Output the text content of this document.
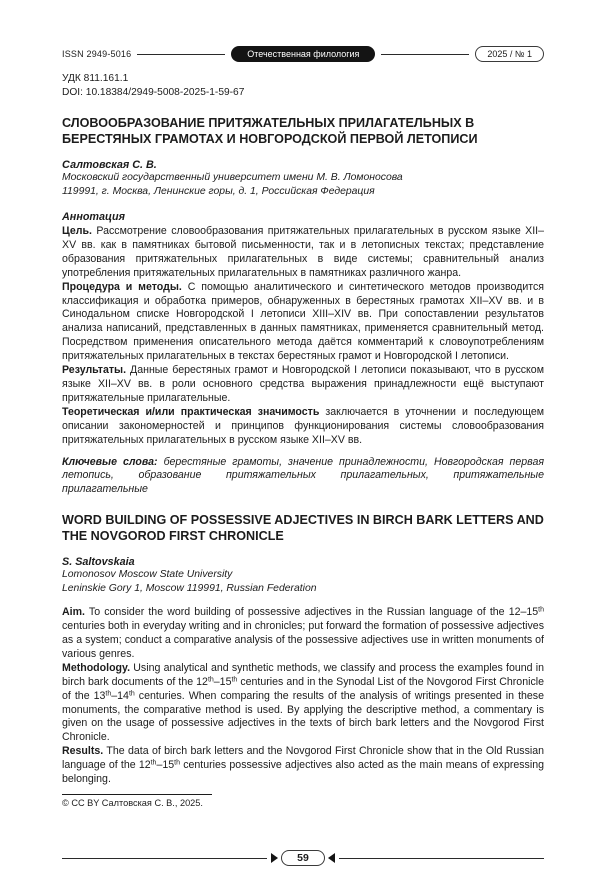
ISSN 2949-5016	Отечественная филология	2025 / № 1
УДК 811.161.1
DOI: 10.18384/2949-5008-2025-1-59-67
СЛОВООБРАЗОВАНИЕ ПРИТЯЖАТЕЛЬНЫХ ПРИЛАГАТЕЛЬНЫХ В БЕРЕСТЯНЫХ ГРАМОТАХ И НОВГОРОДСКОЙ ПЕРВОЙ ЛЕТОПИСИ
Салтовская С. В.
Московский государственный университет имени М. В. Ломоносова
119991, г. Москва, Ленинские горы, д. 1, Российская Федерация
Аннотация

Цель. Рассмотрение словообразования притяжательных прилагательных в русском языке XII–XV вв. как в памятниках бытовой письменности, так и в летописных текстах; представление образования притяжательных прилагательных в виде системы; сравнительный анализ употребления притяжательных прилагательных в памятниках различного жанра.

Процедура и методы. С помощью аналитического и синтетического методов производится классификация и обработка примеров, обнаруженных в берестяных грамотах XII–XV вв. и в Синодальном списке Новгородской I летописи XIII–XIV вв. При сопоставлении результатов анализа написаний, представленных в данных памятниках, применяется сравнительный метод. Посредством применения описательного метода даётся комментарий к словоупотреблениям притяжательных прилагательных в текстах берестяных грамот и Новгородской I летописи.

Результаты. Данные берестяных грамот и Новгородской I летописи показывают, что в русском языке XII–XV вв. в роли основного средства выражения принадлежности ещё выступают притяжательные прилагательные.

Теоретическая и/или практическая значимость заключается в уточнении и последующем описании закономерностей и принципов функционирования системы словообразования притяжательных прилагательных в русском языке XII–XV вв.

Ключевые слова: берестяные грамоты, значение принадлежности, Новгородская первая летопись, образование притяжательных прилагательных, притяжательные прилагательные

WORD BUILDING OF POSSESSIVE ADJECTIVES IN BIRCH BARK LETTERS AND THE NOVGOROD FIRST CHRONICLE
S. Saltovskaia
Lomonosov Moscow State University
Leninskie Gory 1, Moscow 119991, Russian Federation

Aim. To consider the word building of possessive adjectives in the Russian language of the 12–15th centuries both in everyday writing and in chronicles; put forward the formation of possessive adjectives as a system; conduct a comparative analysis of the possessive adjectives use in written monuments of various genres.

Methodology. Using analytical and synthetic methods, we classify and process the examples found in birch bark documents of the 12th–15th centuries and in the Synodal List of the Novgorod First Chronicle of the 13th–14th centuries. When comparing the results of the analysis of writings presented in these monuments, the comparative method is used. By applying the descriptive method, a commentary is given on the usage of possessive adjectives in the texts of birch bark letters and the Novgorod First Chronicle.

Results. The data of birch bark letters and the Novgorod First Chronicle show that in the Old Russian language of the 12th–15th centuries possessive adjectives also acted as the main means of expressing belonging.

© CC BY Салтовская С. В., 2025.
59
